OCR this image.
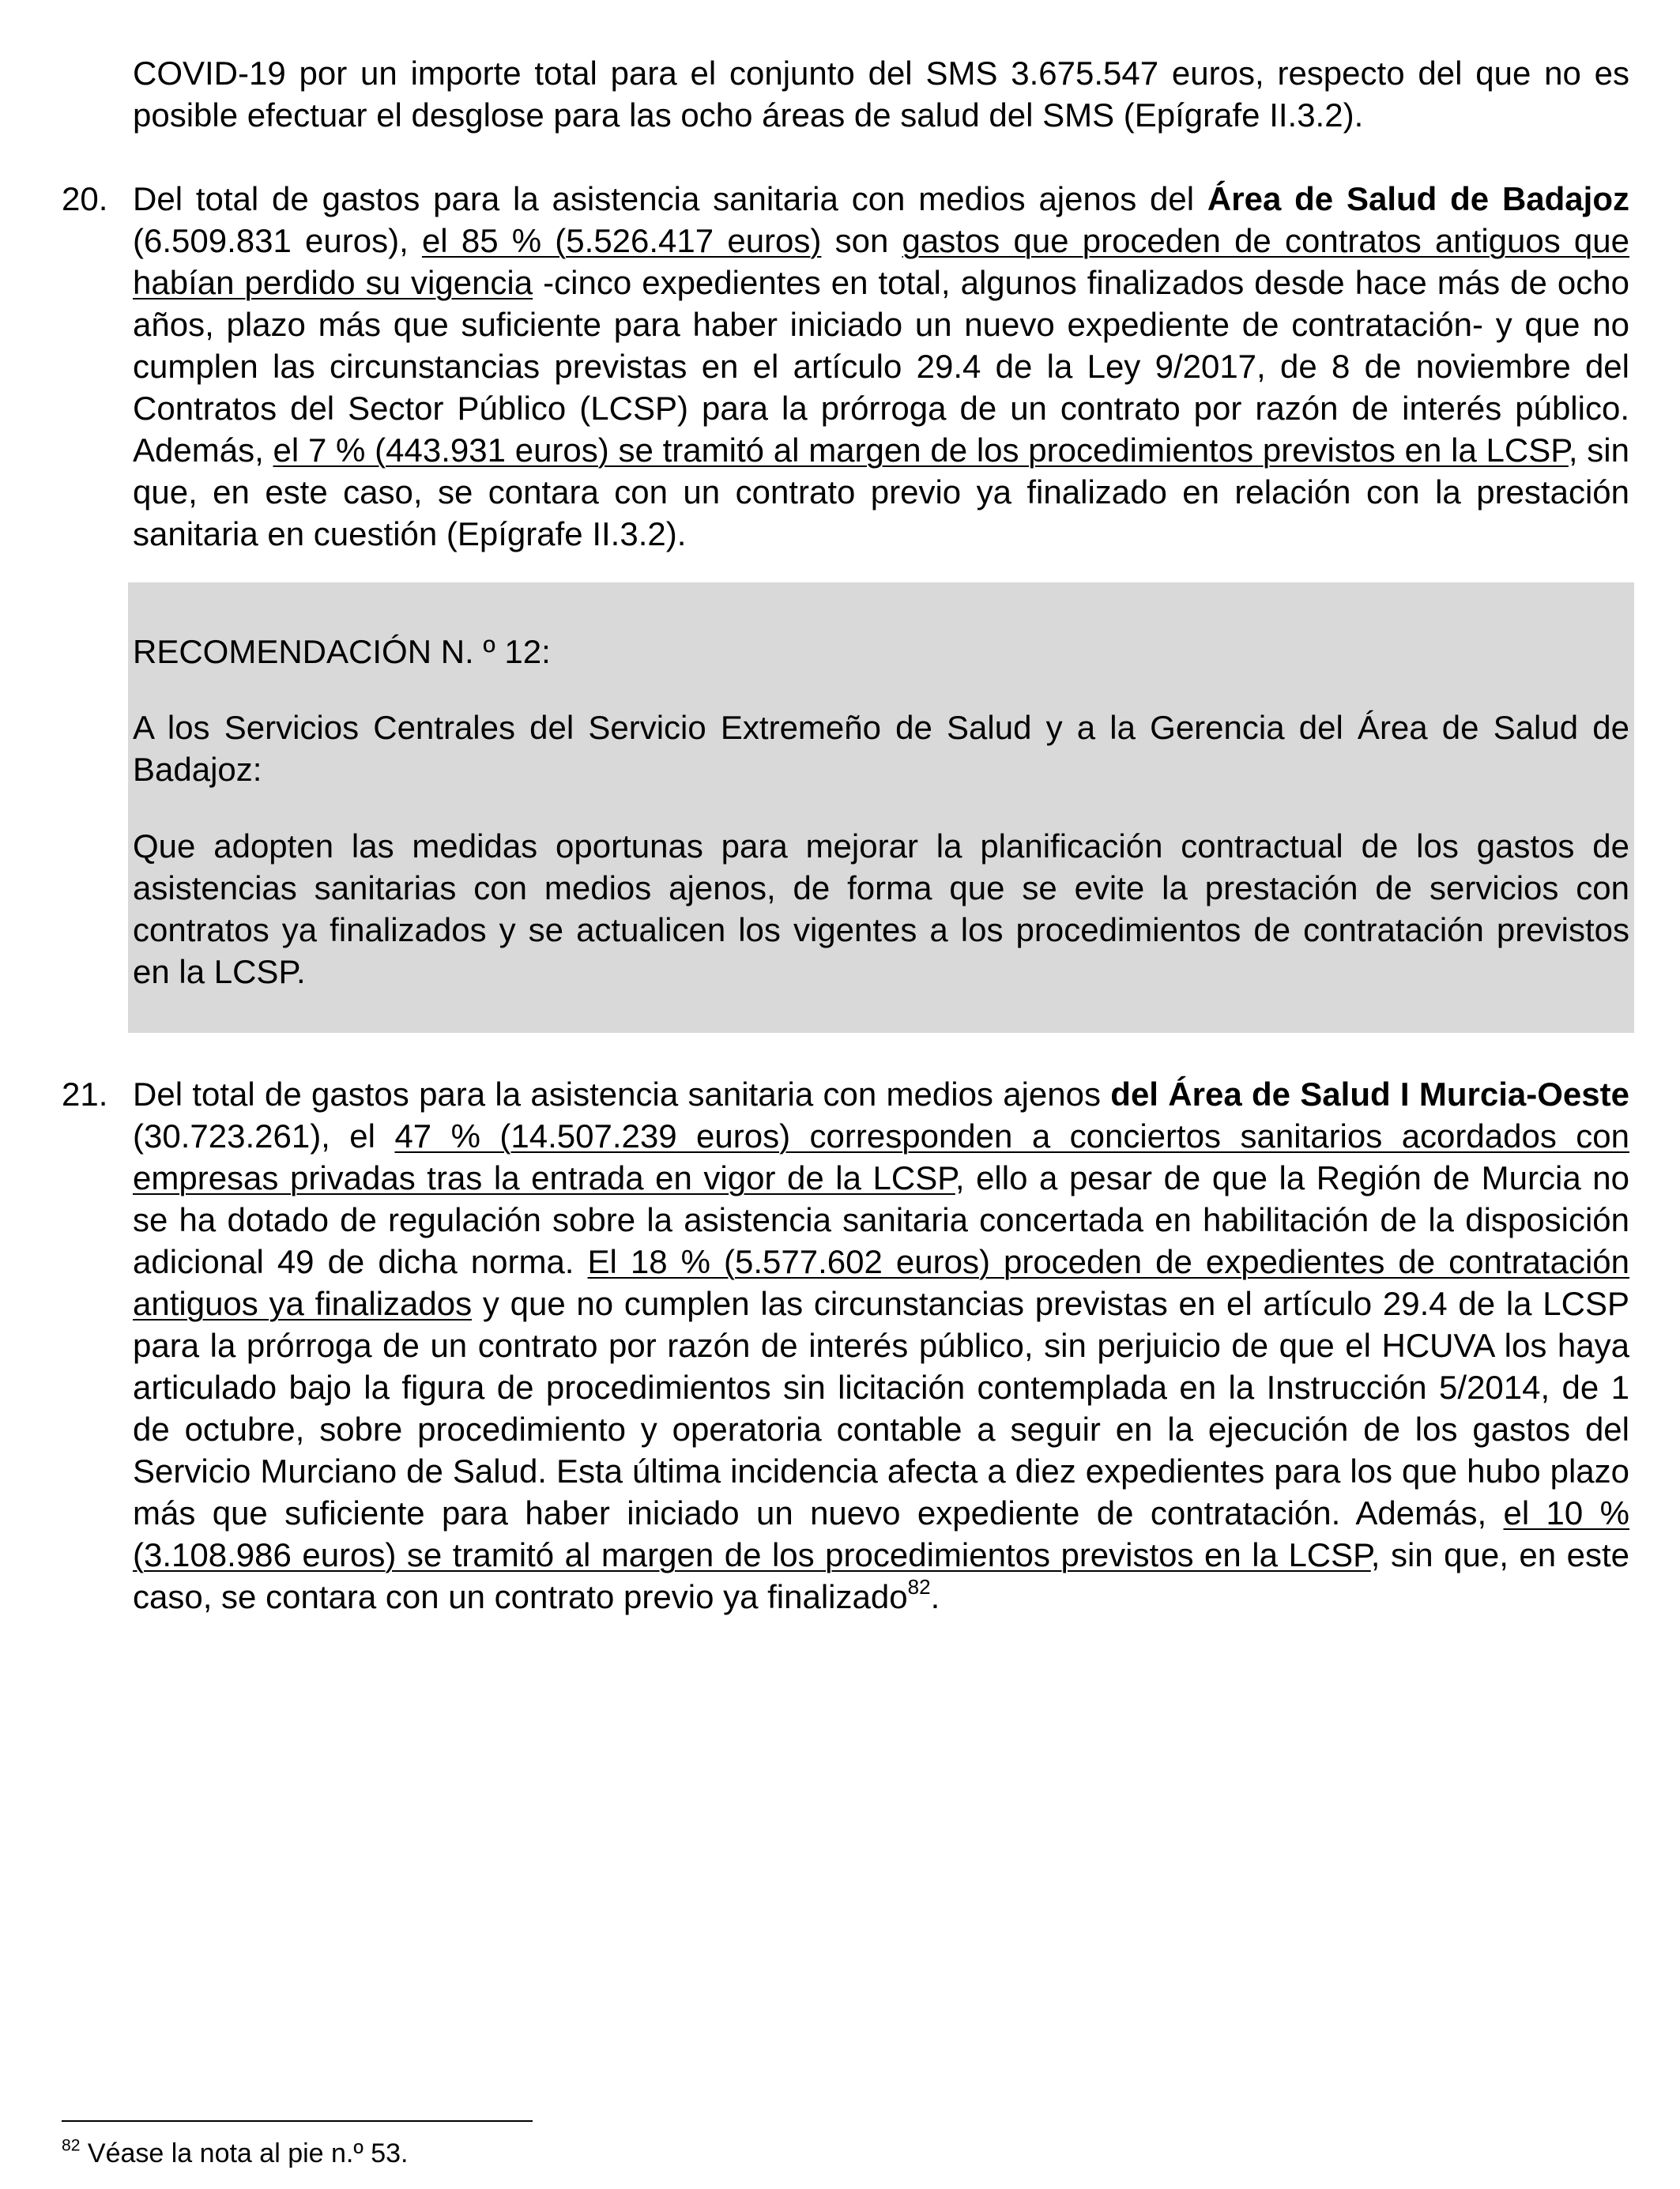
COVID-19 por un importe total para el conjunto del SMS 3.675.547 euros, respecto del que no es posible efectuar el desglose para las ocho áreas de salud del SMS (Epígrafe II.3.2).

20. Del total de gastos para la asistencia sanitaria con medios ajenos del Área de Salud de Badajoz (6.509.831 euros), el 85 % (5.526.417 euros) son gastos que proceden de contratos antiguos que habían perdido su vigencia -cinco expedientes en total, algunos finalizados desde hace más de ocho años, plazo más que suficiente para haber iniciado un nuevo expediente de contratación- y que no cumplen las circunstancias previstas en el artículo 29.4 de la Ley 9/2017, de 8 de noviembre del Contratos del Sector Público (LCSP) para la prórroga de un contrato por razón de interés público. Además, el 7 % (443.931 euros) se tramitó al margen de los procedimientos previstos en la LCSP, sin que, en este caso, se contara con un contrato previo ya finalizado en relación con la prestación sanitaria en cuestión (Epígrafe II.3.2).

RECOMENDACIÓN N. º 12:

A los Servicios Centrales del Servicio Extremeño de Salud y a la Gerencia del Área de Salud de Badajoz:

Que adopten las medidas oportunas para mejorar la planificación contractual de los gastos de asistencias sanitarias con medios ajenos, de forma que se evite la prestación de servicios con contratos ya finalizados y se actualicen los vigentes a los procedimientos de contratación previstos en la LCSP.

21. Del total de gastos para la asistencia sanitaria con medios ajenos del Área de Salud I Murcia-Oeste (30.723.261), el 47 % (14.507.239 euros) corresponden a conciertos sanitarios acordados con empresas privadas tras la entrada en vigor de la LCSP, ello a pesar de que la Región de Murcia no se ha dotado de regulación sobre la asistencia sanitaria concertada en habilitación de la disposición adicional 49 de dicha norma. El 18 % (5.577.602 euros) proceden de expedientes de contratación antiguos ya finalizados y que no cumplen las circunstancias previstas en el artículo 29.4 de la LCSP para la prórroga de un contrato por razón de interés público, sin perjuicio de que el HCUVA los haya articulado bajo la figura de procedimientos sin licitación contemplada en la Instrucción 5/2014, de 1 de octubre, sobre procedimiento y operatoria contable a seguir en la ejecución de los gastos del Servicio Murciano de Salud. Esta última incidencia afecta a diez expedientes para los que hubo plazo más que suficiente para haber iniciado un nuevo expediente de contratación. Además, el 10 % (3.108.986 euros) se tramitó al margen de los procedimientos previstos en la LCSP, sin que, en este caso, se contara con un contrato previo ya finalizado$^{82}$.

$^{82}$ Véase la nota al pie n.º 53.
